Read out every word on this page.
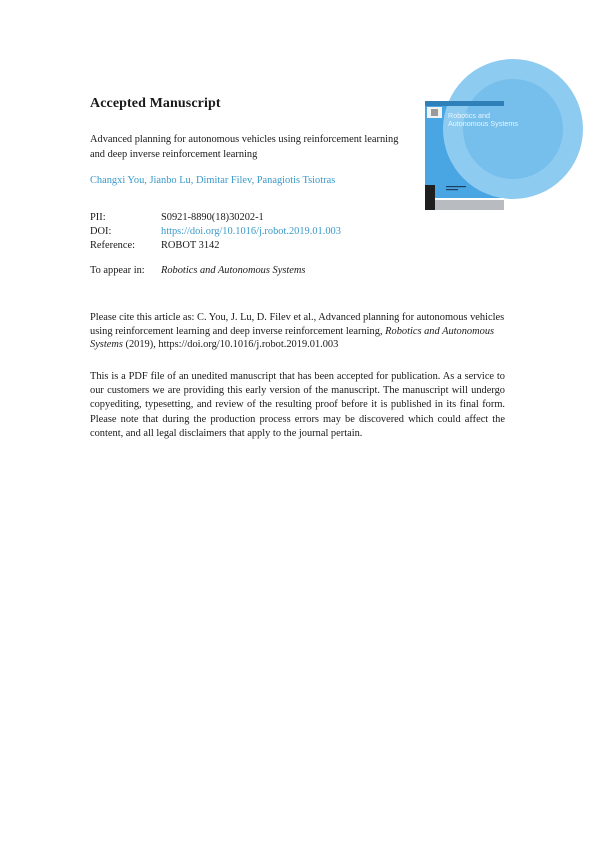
Accepted Manuscript
Advanced planning for autonomous vehicles using reinforcement learning
and deep inverse reinforcement learning
Changxi You, Jianbo Lu, Dimitar Filev, Panagiotis Tsiotras
PII:	S0921-8890(18)30202-1
DOI:	https://doi.org/10.1016/j.robot.2019.01.003
Reference:	ROBOT 3142
To appear in:	Robotics and Autonomous Systems
Please cite this article as: C. You, J. Lu, D. Filev et al., Advanced planning for autonomous vehicles using reinforcement learning and deep inverse reinforcement learning, Robotics and Autonomous Systems (2019), https://doi.org/10.1016/j.robot.2019.01.003
This is a PDF file of an unedited manuscript that has been accepted for publication. As a service to our customers we are providing this early version of the manuscript. The manuscript will undergo copyediting, typesetting, and review of the resulting proof before it is published in its final form. Please note that during the production process errors may be discovered which could affect the content, and all legal disclaimers that apply to the journal pertain.
Robotics and
Autonomous Systems
